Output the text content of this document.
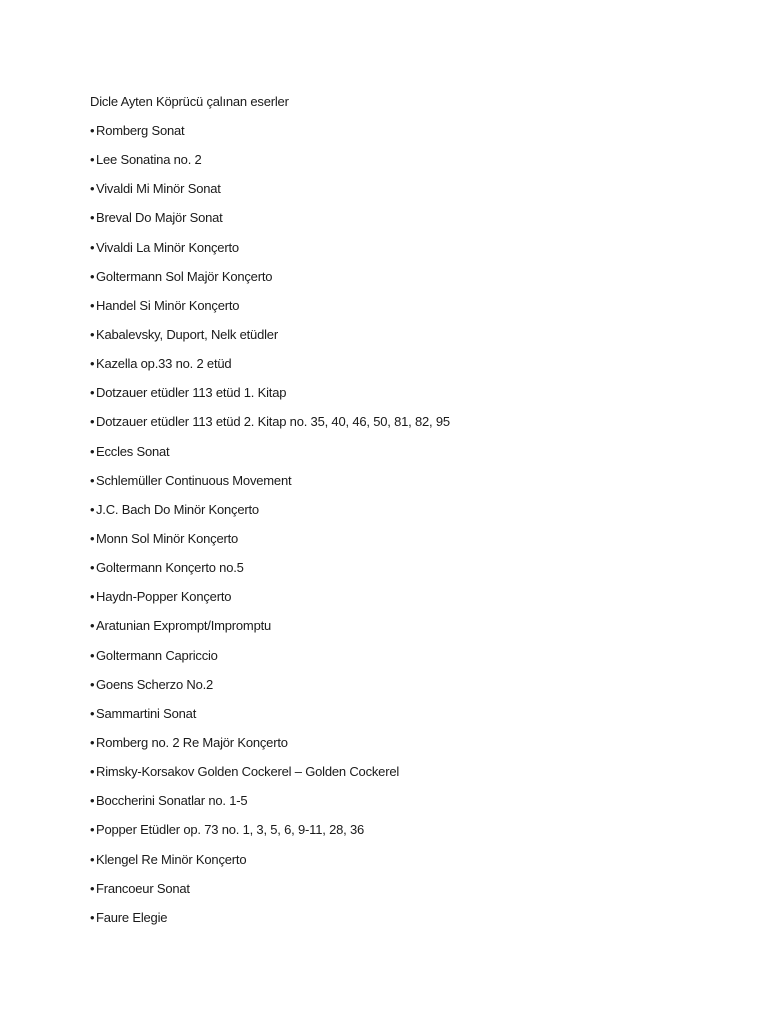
Dicle Ayten Köprücü çalınan eserler
• Romberg Sonat
• Lee Sonatina no. 2
• Vivaldi Mi Minör Sonat
• Breval Do Majör Sonat
• Vivaldi La Minör Konçerto
• Goltermann Sol Majör Konçerto
• Handel Si Minör Konçerto
• Kabalevsky, Duport, Nelk etüdler
• Kazella op.33 no. 2 etüd
• Dotzauer etüdler 113 etüd 1. Kitap
• Dotzauer etüdler 113 etüd 2. Kitap no. 35, 40, 46, 50, 81, 82, 95
• Eccles Sonat
• Schlemüller Continuous Movement
• J.C. Bach Do Minör Konçerto
• Monn Sol Minör Konçerto
• Goltermann Konçerto no.5
• Haydn-Popper Konçerto
• Aratunian Exprompt/Impromptu
• Goltermann Capriccio
• Goens Scherzo No.2
• Sammartini Sonat
• Romberg no. 2 Re Majör Konçerto
• Rimsky-Korsakov Golden Cockerel – Golden Cockerel
• Boccherini Sonatlar no. 1-5
• Popper Etüdler op. 73 no. 1, 3, 5, 6, 9-11, 28, 36
• Klengel Re Minör Konçerto
• Francoeur Sonat
• Faure Elegie
